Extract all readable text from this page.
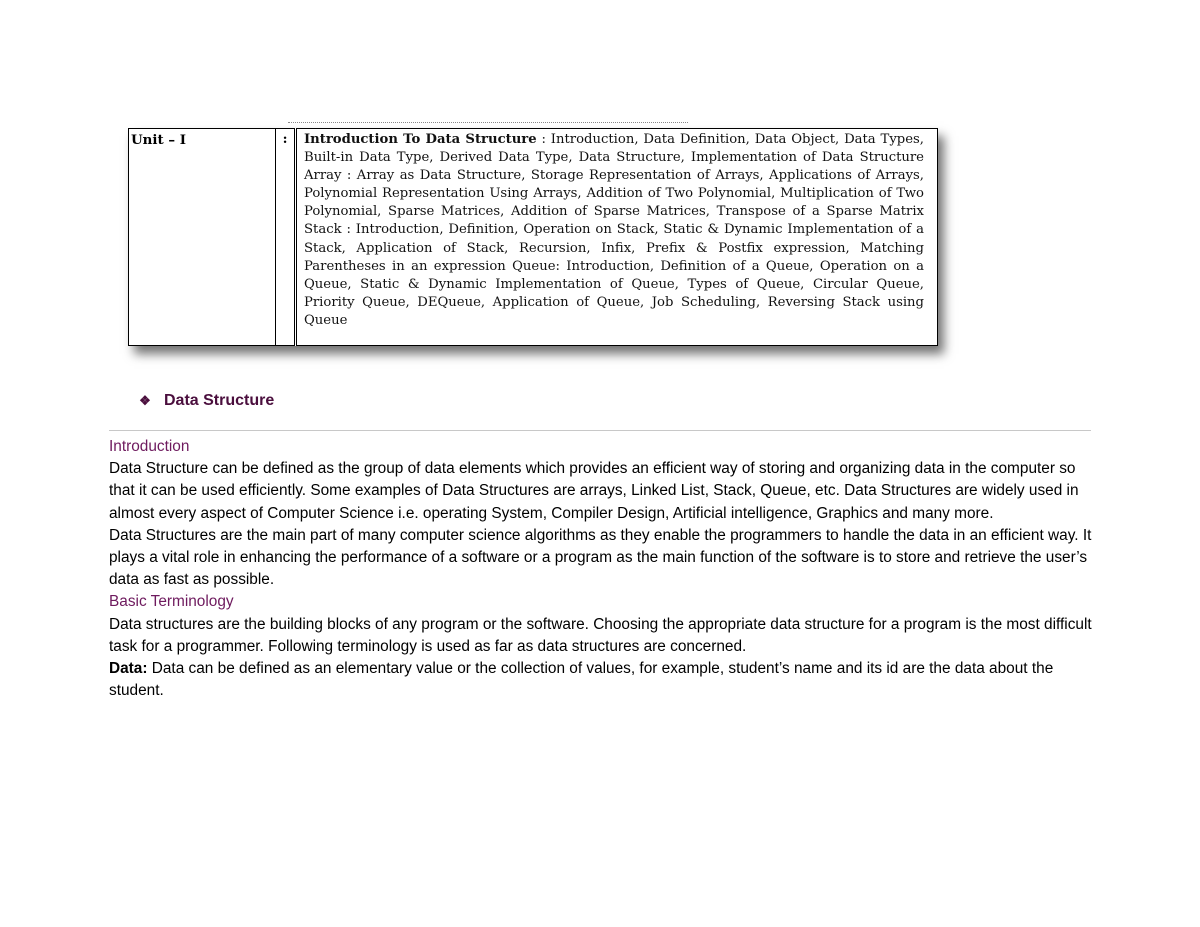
Unit – I	:	Introduction To Data Structure : Introduction, Data Definition, Data Object, Data Types, Built-in Data Type, Derived Data Type, Data Structure, Implementation of Data Structure Array : Array as Data Structure, Storage Representation of Arrays, Applications of Arrays, Polynomial Representation Using Arrays, Addition of Two Polynomial, Multiplication of Two Polynomial, Sparse Matrices, Addition of Sparse Matrices, Transpose of a Sparse Matrix Stack : Introduction, Definition, Operation on Stack, Static & Dynamic Implementation of a Stack, Application of Stack, Recursion, Infix, Prefix & Postfix expression, Matching Parentheses in an expression Queue: Introduction, Definition of a Queue, Operation on a Queue, Static & Dynamic Implementation of Queue, Types of Queue, Circular Queue, Priority Queue, DEQueue, Application of Queue, Job Scheduling, Reversing Stack using Queue
❖ Data Structure

Introduction

Data Structure can be defined as the group of data elements which provides an efficient way of storing and organizing data in the computer so that it can be used efficiently. Some examples of Data Structures are arrays, Linked List, Stack, Queue, etc. Data Structures are widely used in almost every aspect of Computer Science i.e. operating System, Compiler Design, Artificial intelligence, Graphics and many more.

Data Structures are the main part of many computer science algorithms as they enable the programmers to handle the data in an efficient way. It plays a vital role in enhancing the performance of a software or a program as the main function of the software is to store and retrieve the user’s data as fast as possible.

Basic Terminology

Data structures are the building blocks of any program or the software. Choosing the appropriate data structure for a program is the most difficult task for a programmer. Following terminology is used as far as data structures are concerned.

Data: Data can be defined as an elementary value or the collection of values, for example, student’s name and its id are the data about the student.
